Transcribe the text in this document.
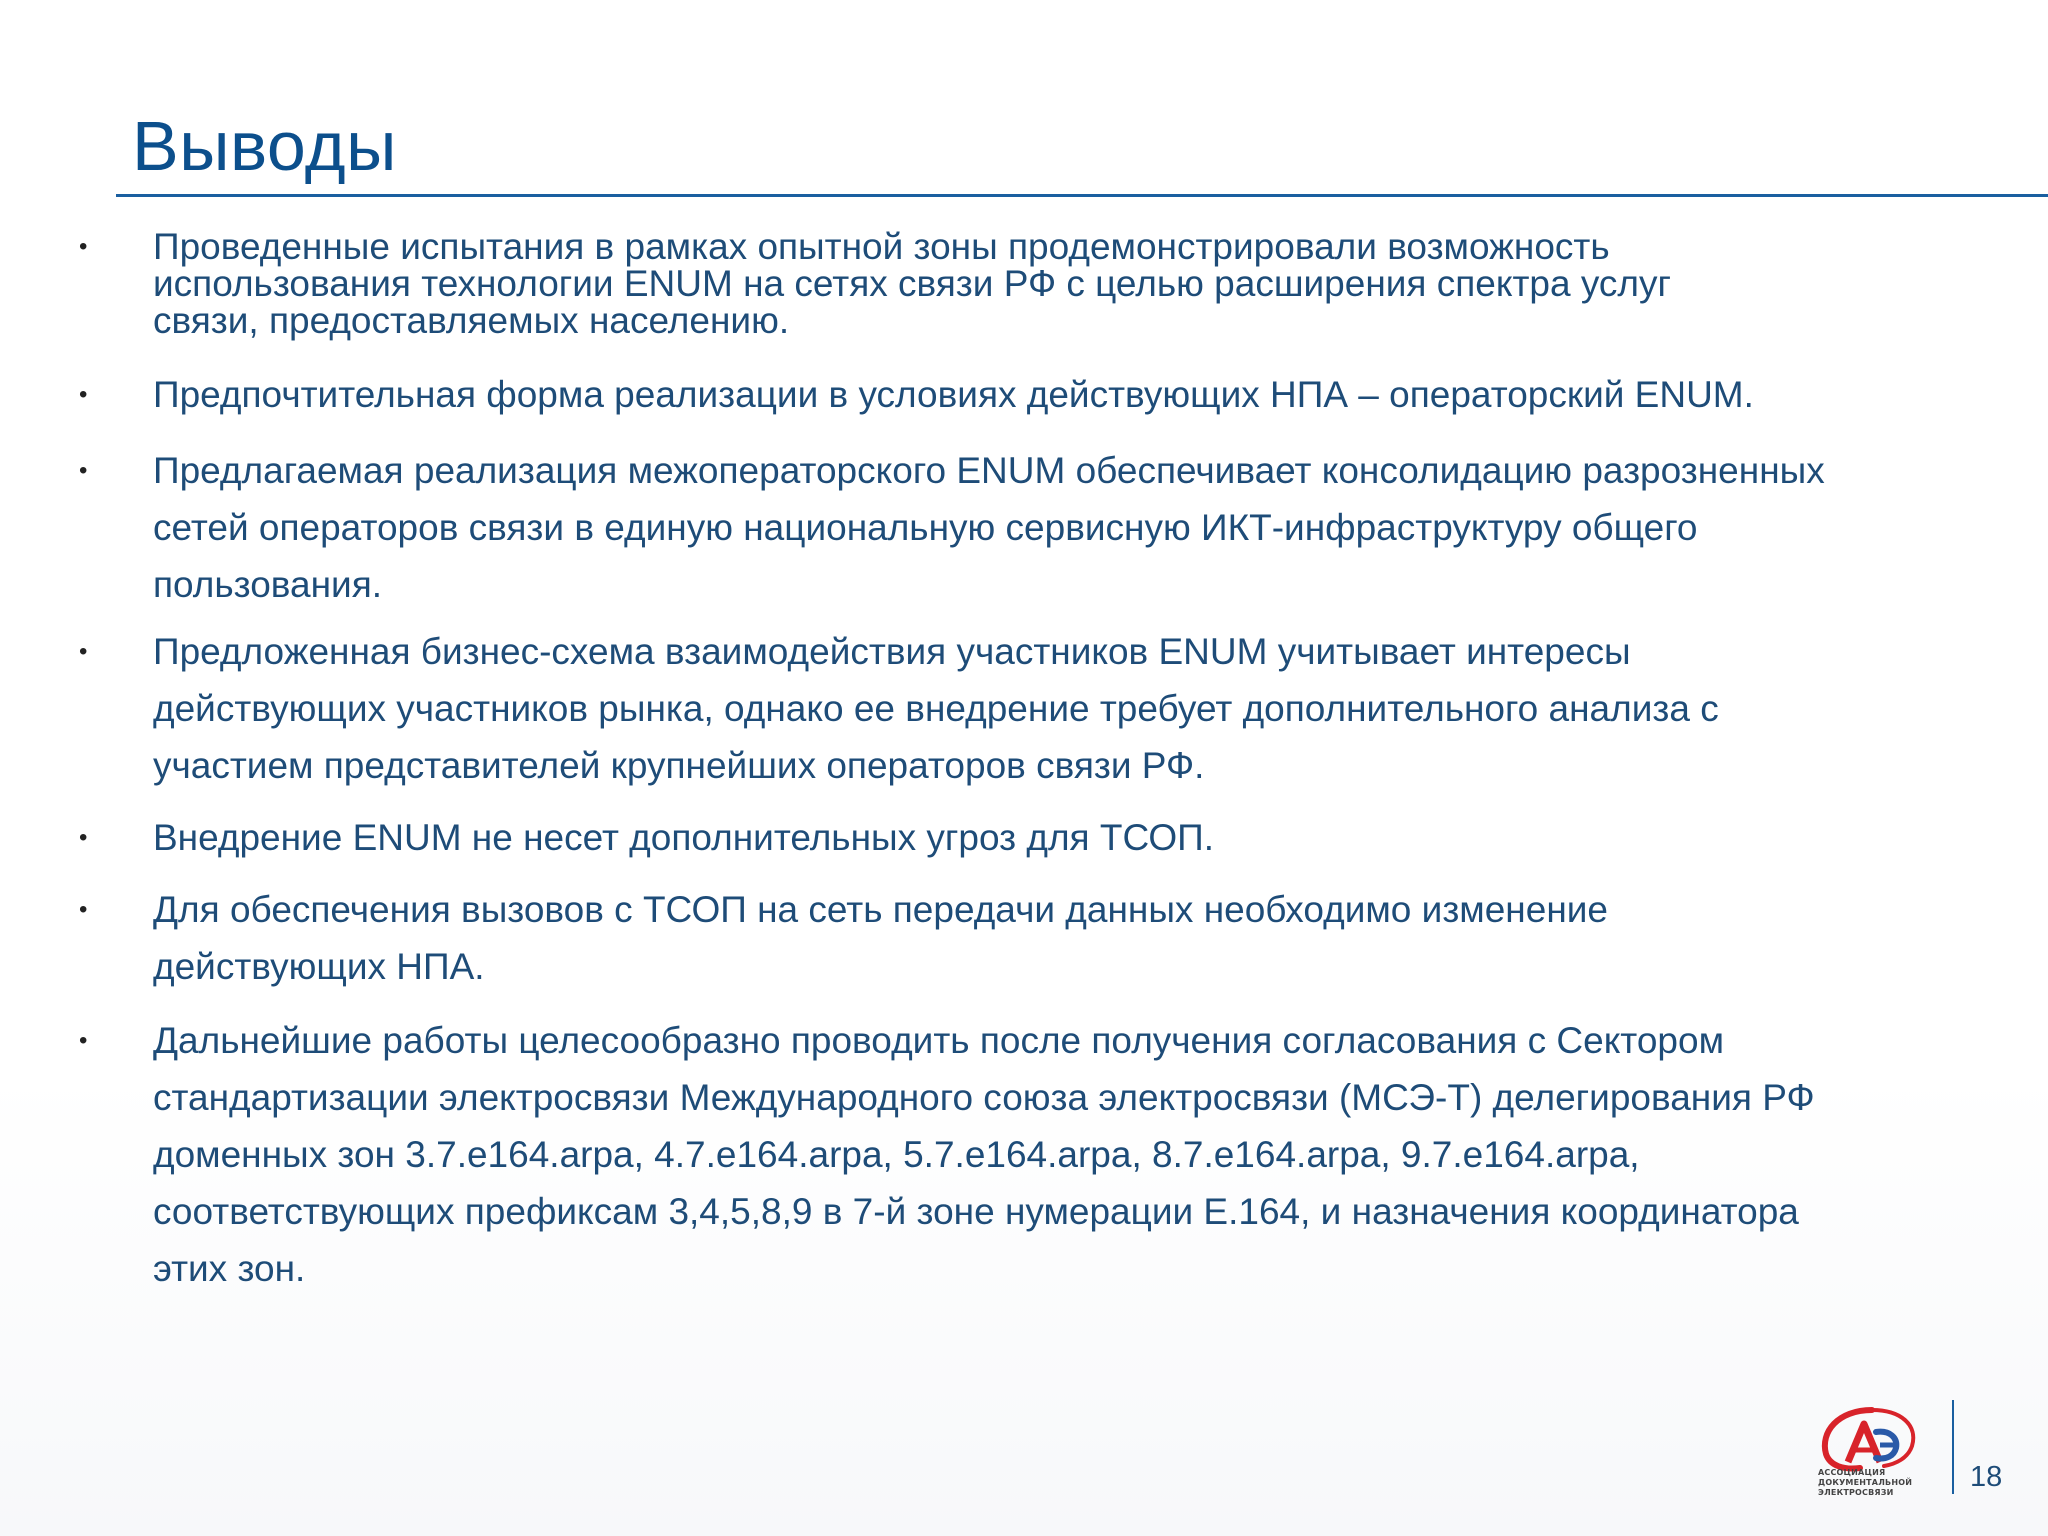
Выводы
•	Проведенные испытания в рамках опытной зоны продемонстрировали возможность
использования технологии ENUM на сетях связи РФ с целью расширения спектра услуг
связи, предоставляемых населению.
•	Предпочтительная форма реализации в условиях действующих НПА – операторский ENUM.
•	Предлагаемая реализация межоператорского ENUM обеспечивает консолидацию разрозненных
сетей операторов связи в единую национальную сервисную ИКТ-инфраструктуру общего
пользования.
•	Предложенная бизнес-схема взаимодействия участников ENUM учитывает интересы
действующих участников рынка, однако ее внедрение требует дополнительного анализа с
участием представителей крупнейших операторов связи РФ.
•	Внедрение ENUM не несет дополнительных угроз для ТСОП.
•	Для обеспечения вызовов с ТСОП на сеть передачи данных необходимо изменение
действующих НПА.
•	Дальнейшие работы целесообразно проводить после получения согласования с Сектором
стандартизации электросвязи Международного союза электросвязи (МСЭ-Т) делегирования РФ
доменных зон 3.7.е164.arpa, 4.7.е164.arpa, 5.7.е164.arpa, 8.7.е164.arpa, 9.7.е164.arpa,
соответствующих префиксам 3,4,5,8,9 в 7-й зоне нумерации Е.164, и назначения координатора
этих зон.
АССОЦИАЦИЯ
ДОКУМЕНТАЛЬНОЙ
ЭЛЕКТРОСВЯЗИ	18
